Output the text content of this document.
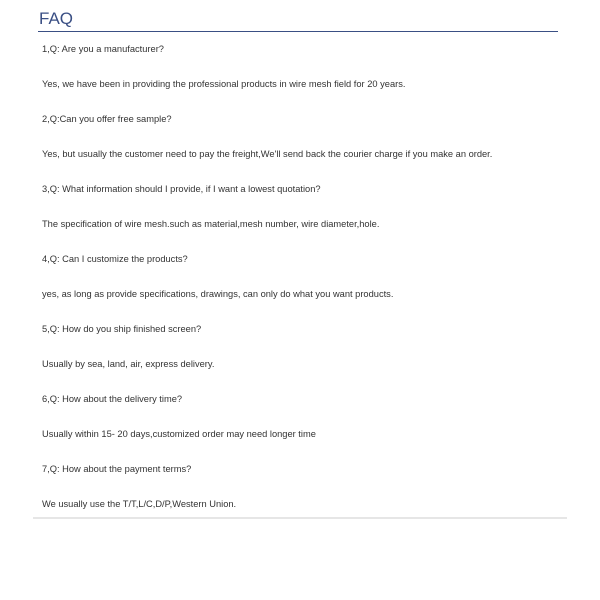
FAQ

1,Q: Are you a manufacturer?

Yes, we have been in providing the professional products in wire mesh field for 20 years.

2,Q:Can you offer free sample?

Yes, but usually the customer need to pay the freight,We'll send back the courier charge if you make an order.

3,Q: What information should I provide, if I want a lowest quotation?

The specification of wire mesh.such as material,mesh number, wire diameter,hole.

4,Q: Can I customize the products?

yes, as long as provide specifications, drawings, can only do what you want products.

5,Q: How do you ship finished screen?

Usually by sea, land, air, express delivery.

6,Q: How about the delivery time?

Usually within 15- 20 days,customized order may need longer time

7,Q: How about the payment terms?

We usually use the T/T,L/C,D/P,Western Union.
